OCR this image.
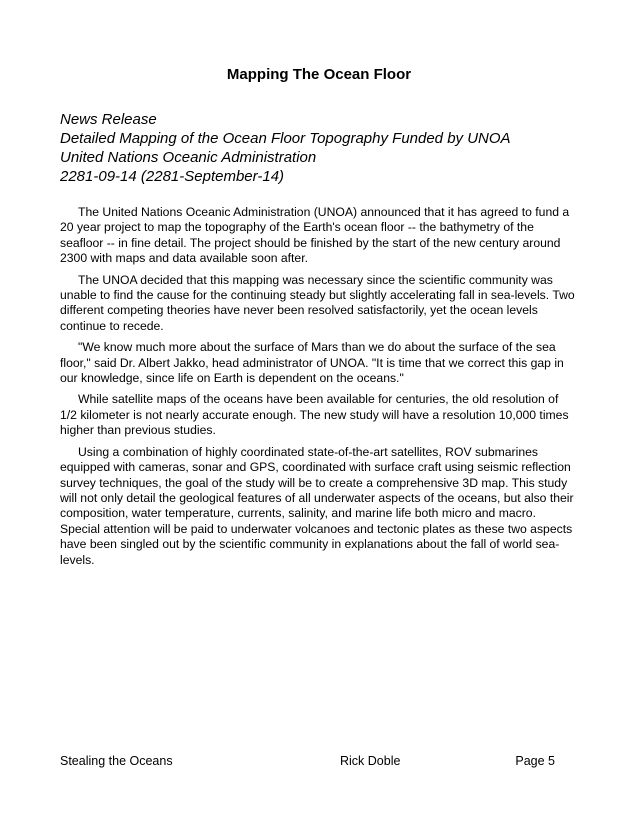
Mapping The Ocean Floor
News Release
Detailed Mapping of the Ocean Floor Topography Funded by UNOA
United Nations Oceanic Administration
2281-09-14 (2281-September-14)

The United Nations Oceanic Administration (UNOA) announced that it has agreed to fund a 20 year project to map the topography of the Earth's ocean floor -- the bathymetry of the seafloor -- in fine detail. The project should be finished by the start of the new century around 2300 with maps and data available soon after.

The UNOA decided that this mapping was necessary since the scientific community was unable to find the cause for the continuing steady but slightly accelerating fall in sea-levels. Two different competing theories have never been resolved satisfactorily, yet the ocean levels continue to recede.

"We know much more about the surface of Mars than we do about the surface of the sea floor," said Dr. Albert Jakko, head administrator of UNOA. "It is time that we correct this gap in our knowledge, since life on Earth is dependent on the oceans."

While satellite maps of the oceans have been available for centuries, the old resolution of 1/2 kilometer is not nearly accurate enough. The new study will have a resolution 10,000 times higher than previous studies.

Using a combination of highly coordinated state-of-the-art satellites, ROV submarines equipped with cameras, sonar and GPS, coordinated with surface craft using seismic reflection survey techniques, the goal of the study will be to create a comprehensive 3D map. This study will not only detail the geological features of all underwater aspects of the oceans, but also their composition, water temperature, currents, salinity, and marine life both micro and macro. Special attention will be paid to underwater volcanoes and tectonic plates as these two aspects have been singled out by the scientific community in explanations about the fall of world sea-levels.

Stealing the Oceans	Rick Doble	Page 5
